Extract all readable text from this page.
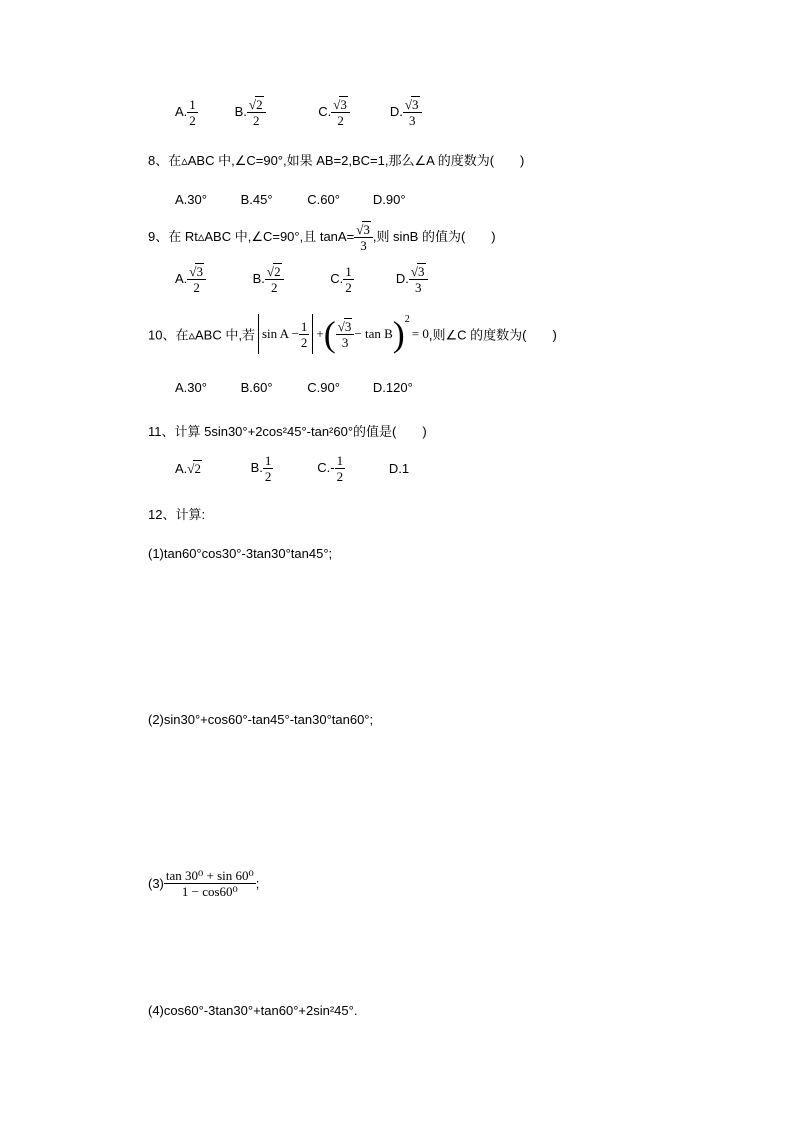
A. $\frac{1}{2}$	B. $\frac{√2}{2}$	C. $\frac{√3}{2}$	D. $\frac{√3}{3}$
8、在▵ABC 中,∠C=90°,如果 AB=2,BC=1,那么∠A 的度数为(　　)
A.30°	B.45°	C.60°	D.90°
9、在 Rt▵ABC 中,∠C=90°,且 $\tan A= \frac{√3}{3}$ ,则 sinB 的值为(　　)
A. $\frac{√3}{2}$	B. $\frac{√2}{2}$	C. $\frac{1}{2}$	D. $\frac{√3}{3}$
10、在▵ABC 中,若 $\sin A - \frac{1}{2}$ +( $\frac{√3}{3} - \tan B)^2= 0$,则∠C 的度数为(　　)
A.30°	B.60°	C.90°	D.120°
11、计算 5sin30°+2cos²45°-tan²60°的值是(　　)
A.√2	B. $\frac{1}{2}$	$C.- \frac{1}{2}$	D.1
12、计算:
(1)tan60°cos30°-3tan30°tan45°;
(2)sin30°+cos60°-tan45°-tan30°tan60°;
$(3) \frac{\text{tan 30⁰ + sin 60⁰}}{\text{1 − cos60⁰}}$ ;
(4)cos60°-3tan30°+tan60°+2sin²45°.
